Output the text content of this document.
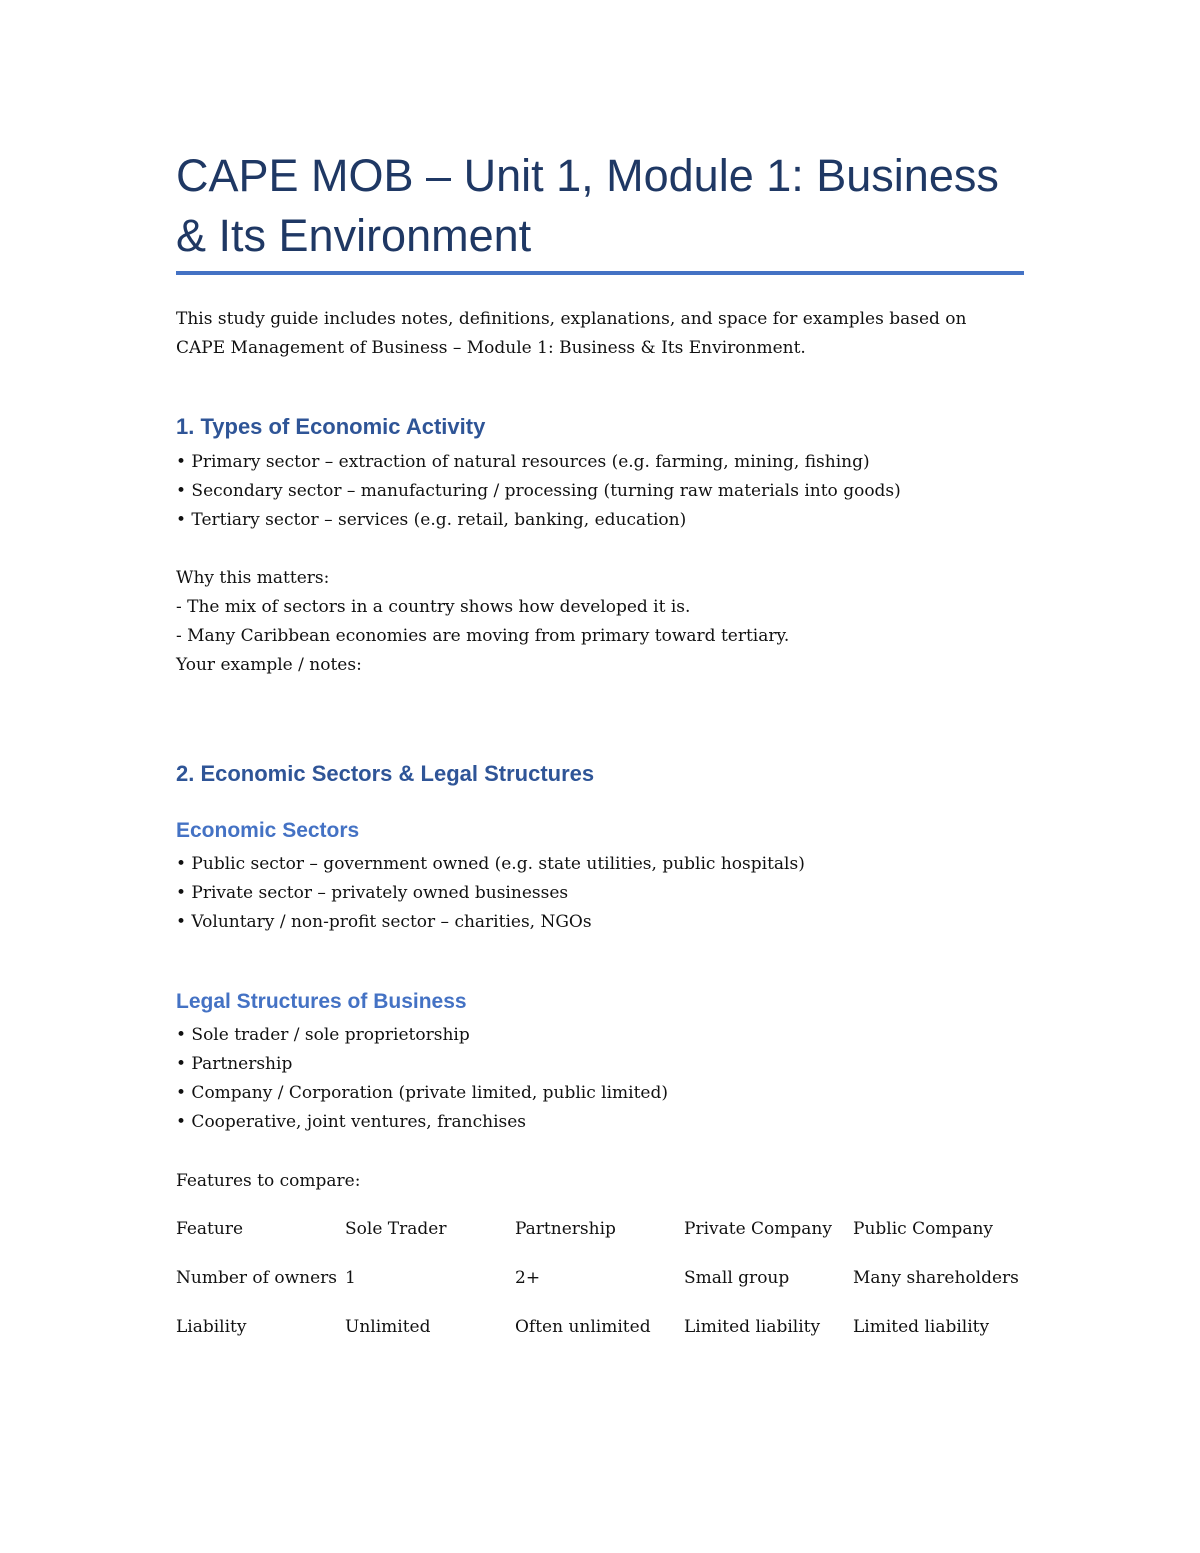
CAPE MOB – Unit 1, Module 1: Business & Its Environment
This study guide includes notes, definitions, explanations, and space for examples based on
CAPE Management of Business – Module 1: Business & Its Environment.
1. Types of Economic Activity
• Primary sector – extraction of natural resources (e.g. farming, mining, fishing)
• Secondary sector – manufacturing / processing (turning raw materials into goods)
• Tertiary sector – services (e.g. retail, banking, education)
Why this matters:
- The mix of sectors in a country shows how developed it is.
- Many Caribbean economies are moving from primary toward tertiary.
Your example / notes:
2. Economic Sectors & Legal Structures
Economic Sectors
• Public sector – government owned (e.g. state utilities, public hospitals)
• Private sector – privately owned businesses
• Voluntary / non-profit sector – charities, NGOs
Legal Structures of Business
• Sole trader / sole proprietorship
• Partnership
• Company / Corporation (private limited, public limited)
• Cooperative, joint ventures, franchises
Features to compare:
Feature	Sole Trader	Partnership	Private Company	Public Company
Number of owners	1	2+	Small group	Many shareholders
Liability	Unlimited	Often unlimited	Limited liability	Limited liability
